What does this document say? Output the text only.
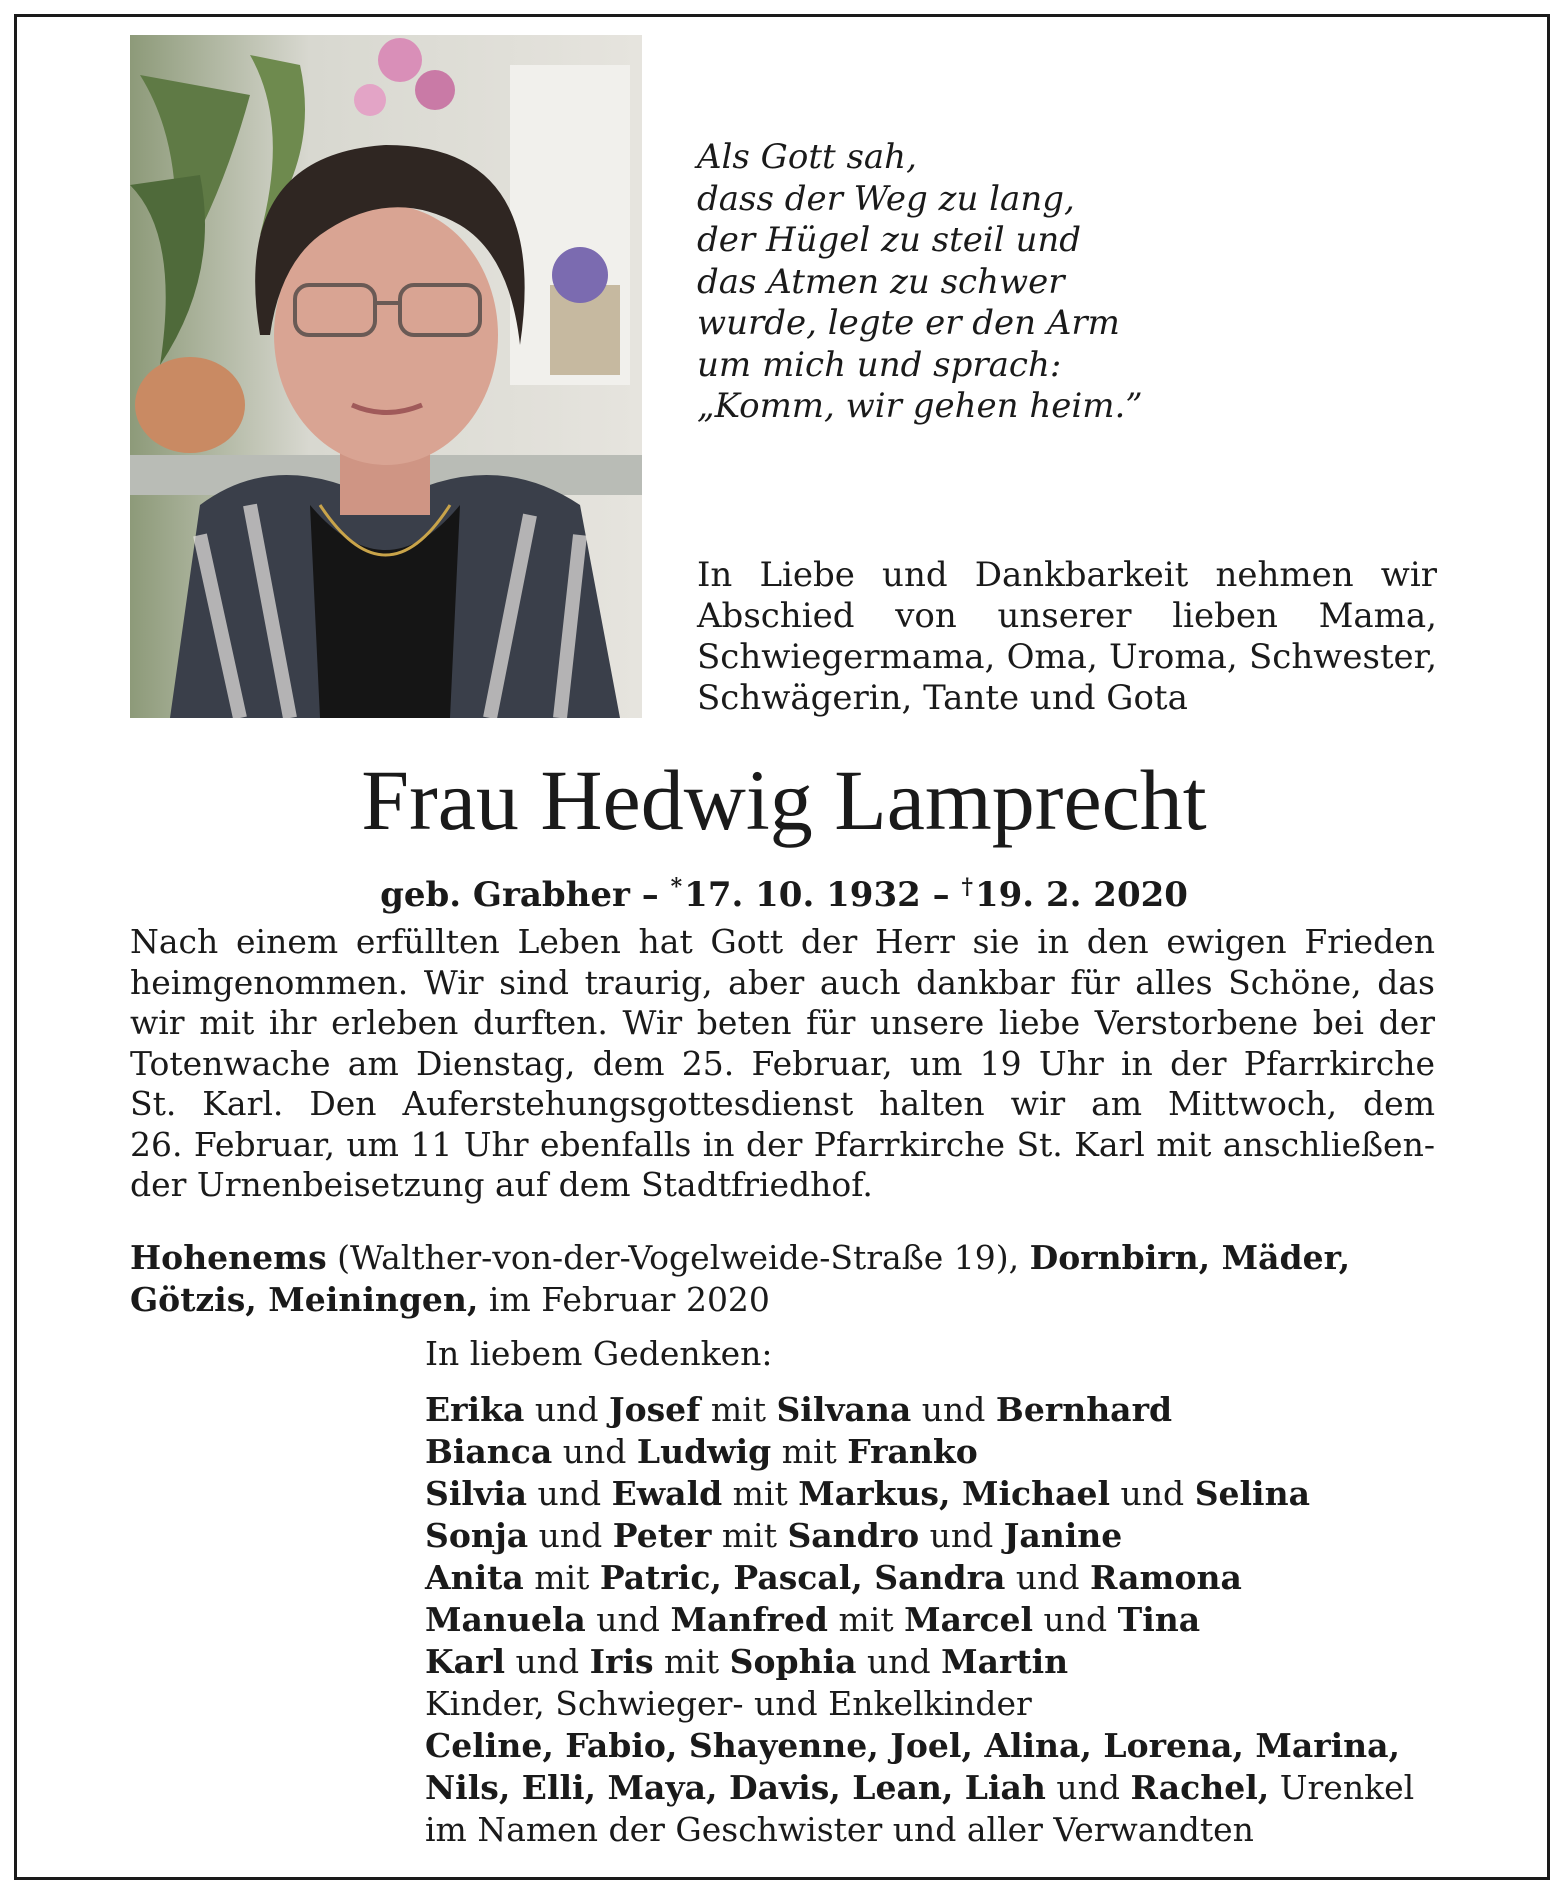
Als Gott sah,
dass der Weg zu lang,
der Hügel zu steil und
das Atmen zu schwer
wurde, legte er den Arm
um mich und sprach:
„Komm, wir gehen heim.”

In Liebe und Dankbarkeit nehmen wir
Abschied von unserer lieben Mama,
Schwiegermama, Oma, Uroma, Schwester,
Schwägerin, Tante und Gota

Frau Hedwig Lamprecht
geb. Grabher – *17. 10. 1932 – †19. 2. 2020

Nach einem erfüllten Leben hat Gott der Herr sie in den ewigen Frieden
heimgenommen. Wir sind traurig, aber auch dankbar für alles Schöne, das
wir mit ihr erleben durften. Wir beten für unsere liebe Verstorbene bei der
Totenwache am Dienstag, dem 25. Februar, um 19 Uhr in der Pfarrkirche
St. Karl. Den Auferstehungsgottesdienst halten wir am Mittwoch, dem
26. Februar, um 11 Uhr ebenfalls in der Pfarrkirche St. Karl mit anschließen-
der Urnenbeisetzung auf dem Stadtfriedhof.

Hohenems (Walther-von-der-Vogelweide-Straße 19), Dornbirn, Mäder,
Götzis, Meiningen, im Februar 2020

In liebem Gedenken:
Erika und Josef mit Silvana und Bernhard
Bianca und Ludwig mit Franko
Silvia und Ewald mit Markus, Michael und Selina
Sonja und Peter mit Sandro und Janine
Anita mit Patric, Pascal, Sandra und Ramona
Manuela und Manfred mit Marcel und Tina
Karl und Iris mit Sophia und Martin
Kinder, Schwieger- und Enkelkinder
Celine, Fabio, Shayenne, Joel, Alina, Lorena, Marina,
Nils, Elli, Maya, Davis, Lean, Liah und Rachel, Urenkel
im Namen der Geschwister und aller Verwandten
